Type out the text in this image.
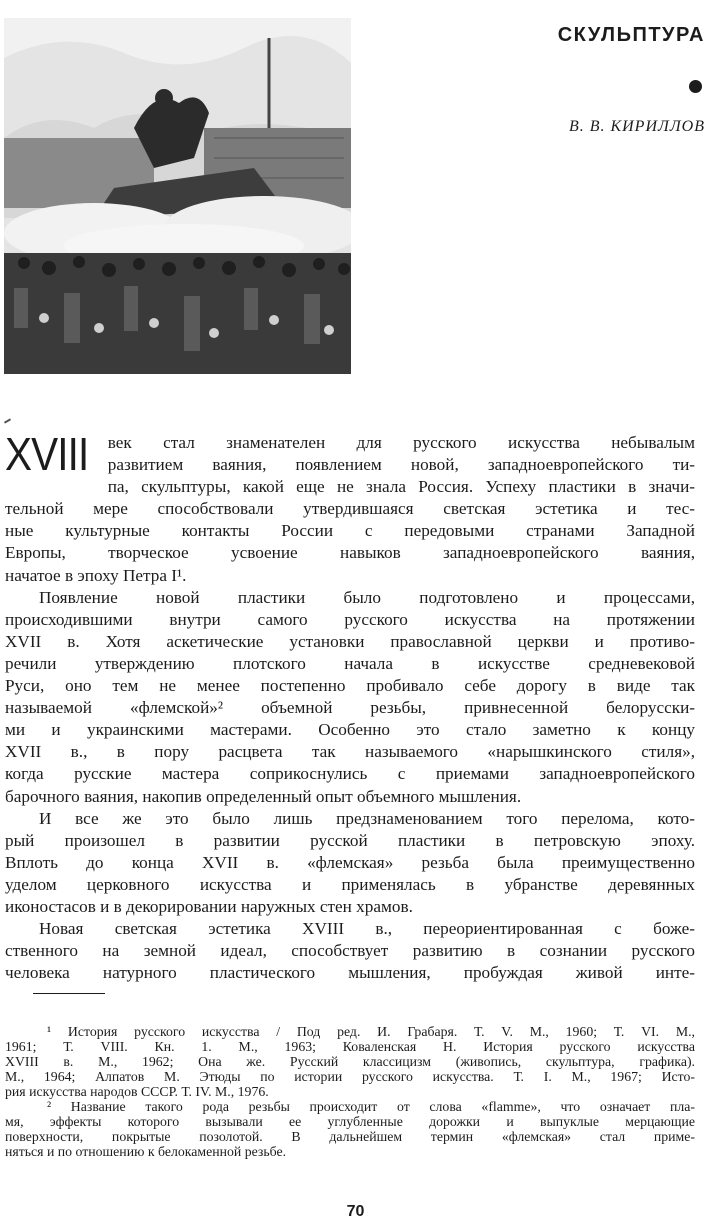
СКУЛЬПТУРА
В. В. КИРИЛЛОВ
XVIII век стал знаменателен для русского искусства небывалым
развитием ваяния, появлением новой, западноевропейского ти-
па, скульптуры, какой еще не знала Россия. Успеху пластики в значи-
тельной мере способствовали утвердившаяся светская эстетика и тес-
ные культурные контакты России с передовыми странами Западной
Европы, творческое усвоение навыков западноевропейского ваяния,
начатое в эпоху Петра I¹.
Появление новой пластики было подготовлено и процессами,
происходившими внутри самого русского искусства на протяжении
XVII в. Хотя аскетические установки православной церкви и противо-
речили утверждению плотского начала в искусстве средневековой
Руси, оно тем не менее постепенно пробивало себе дорогу в виде так
называемой «флемской»² объемной резьбы, привнесенной белорусски-
ми и украинскими мастерами. Особенно это стало заметно к концу
XVII в., в пору расцвета так называемого «нарышкинского стиля»,
когда русские мастера соприкоснулись с приемами западноевропейского
барочного ваяния, накопив определенный опыт объемного мышления.
И все же это было лишь предзнаменованием того перелома, кото-
рый произошел в развитии русской пластики в петровскую эпоху.
Вплоть до конца XVII в. «флемская» резьба была преимущественно
уделом церковного искусства и применялась в убранстве деревянных
иконостасов и в декорировании наружных стен храмов.
Новая светская эстетика XVIII в., переориентированная с боже-
ственного на земной идеал, способствует развитию в сознании русского
человека натурного пластического мышления, пробуждая живой инте-

¹ История русского искусства / Под ред. И. Грабаря. Т. V. М., 1960; Т. VI. М.,

1961; Т. VIII. Кн. 1. М., 1963; Коваленская Н. История русского искусства
XVIII в. М., 1962; Она же. Русский классицизм (живопись, скульптура, графика).
М., 1964; Алпатов М. Этюды по истории русского искусства. Т. I. М., 1967; Исто-
рия искусства народов СССР. Т. IV. М., 1976.

² Название такого рода резьбы происходит от слова «flamme», что означает пла-

мя, эффекты которого вызывали ее углубленные дорожки и выпуклые мерцающие
поверхности, покрытые позолотой. В дальнейшем термин «флемская» стал приме-
няться и по отношению к белокаменной резьбе.
70
